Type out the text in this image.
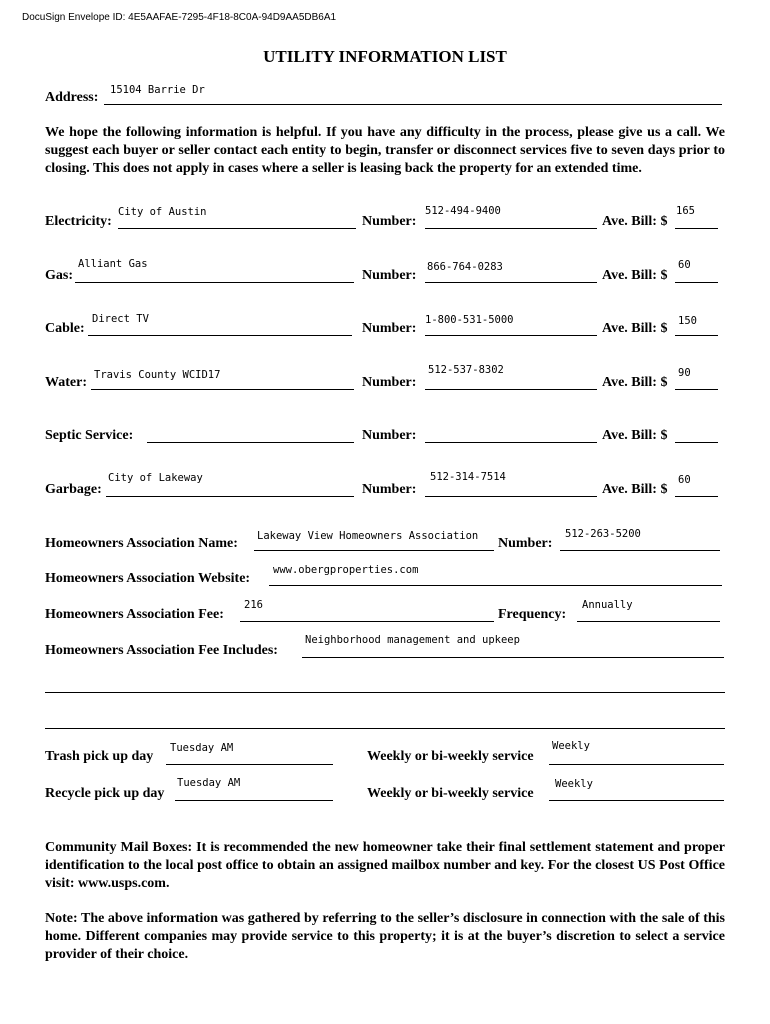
DocuSign Envelope ID: 4E5AAFAE-7295-4F18-8C0A-94D9AA5DB6A1
UTILITY INFORMATION LIST
Address: 15104 Barrie Dr
We hope the following information is helpful. If you have any difficulty in the process, please give us a call. We suggest each buyer or seller contact each entity to begin, transfer or disconnect services five to seven days prior to closing. This does not apply in cases where a seller is leasing back the property for an extended time.
Electricity:
City of Austin
Number:
512-494-9400
Ave. Bill: $
165
Gas:
Alliant Gas
Number:
866-764-0283
Ave. Bill: $
60
Cable:
Direct TV
Number:
1-800-531-5000
Ave. Bill: $ 150
Water: Travis County WCID17	Number:
512-537-8302
Ave. Bill: $
90
Septic Service:	Number:	Ave. Bill: $
Garbage:
City of Lakeway
Number:
512-314-7514
Ave. Bill: $
60
Homeowners Association Name: Lakeway View Homeowners Association Number:
512-263-5200
Homeowners Association Website:
www.obergproperties.com
Homeowners Association Fee:
216
Frequency:
Annually
Homeowners Association Fee Includes:
Neighborhood management and upkeep
Trash pick up day
Tuesday AM
Weekly or bi-weekly service
Weekly
Recycle pick up day
Tuesday AM
Weekly or bi-weekly service
Weekly
Community Mail Boxes: It is recommended the new homeowner take their final settlement statement and proper identification to the local post office to obtain an assigned mailbox number and key. For the closest US Post Office visit: www.usps.com.
Note: The above information was gathered by referring to the seller’s disclosure in connection with the sale of this home. Different companies may provide service to this property; it is at the buyer’s discretion to select a service provider of their choice.
